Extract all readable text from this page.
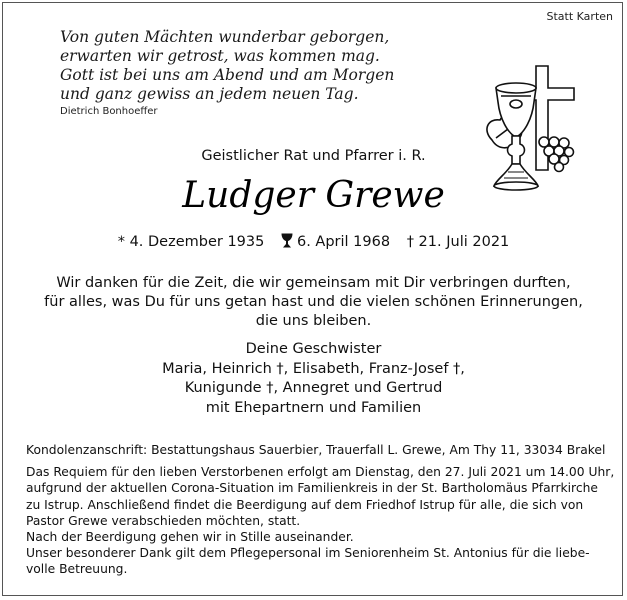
Statt Karten
Von guten Mächten wunderbar geborgen,
erwarten wir getrost, was kommen mag.
Gott ist bei uns am Abend und am Morgen
und ganz gewiss an jedem neuen Tag.
Dietrich Bonhoeffer
Geistlicher Rat und Pfarrer i. R.
Ludger Grewe
* 4. Dezember 1935 6. April 1968 † 21. Juli 2021
Wir danken für die Zeit, die wir gemeinsam mit Dir verbringen durften,
für alles, was Du für uns getan hast und die vielen schönen Erinnerungen,
die uns bleiben.
Deine Geschwister
Maria, Heinrich †, Elisabeth, Franz-Josef †,
Kunigunde †, Annegret und Gertrud
mit Ehepartnern und Familien
Kondolenzanschrift: Bestattungshaus Sauerbier, Trauerfall L. Grewe, Am Thy 11, 33034 Brakel
Das Requiem für den lieben Verstorbenen erfolgt am Dienstag, den 27. Juli 2021 um 14.00 Uhr,
aufgrund der aktuellen Corona-Situation im Familienkreis in der St. Bartholomäus Pfarrkirche
zu Istrup. Anschließend findet die Beerdigung auf dem Friedhof Istrup für alle, die sich von
Pastor Grewe verabschieden möchten, statt.
Nach der Beerdigung gehen wir in Stille auseinander.
Unser besonderer Dank gilt dem Pflegepersonal im Seniorenheim St. Antonius für die liebe-
volle Betreuung.
